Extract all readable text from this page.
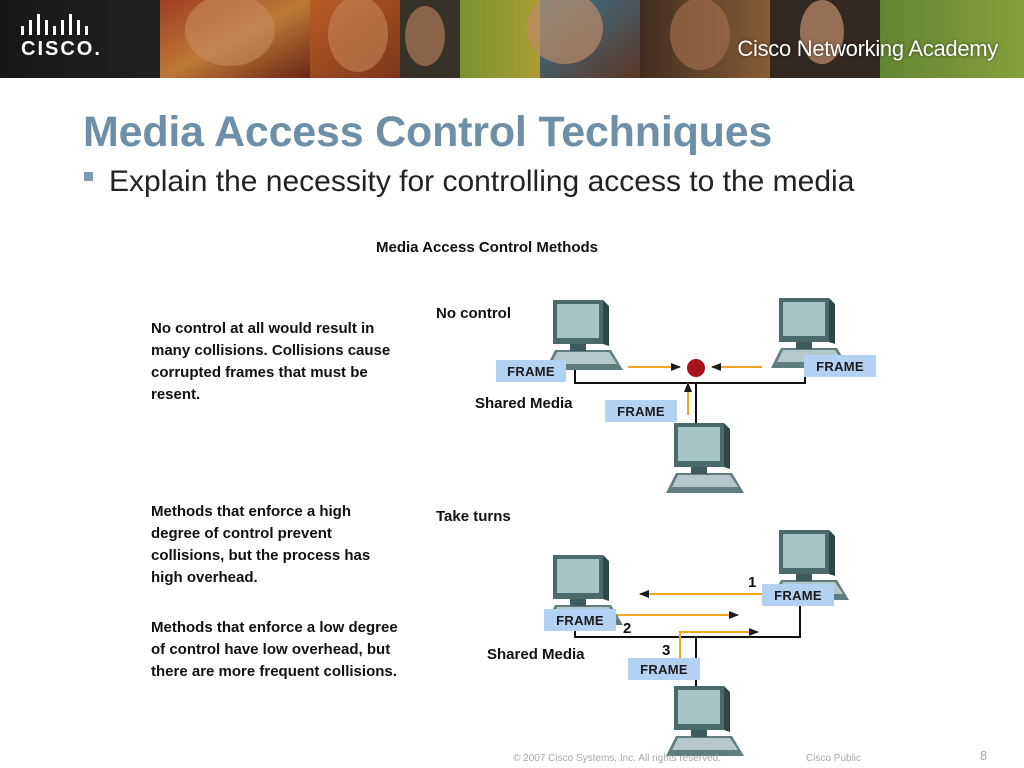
CISCO.	Cisco Networking Academy
Media Access Control Techniques
Explain the necessity for controlling access to the media
Media Access Control Methods
No control at all would result in many collisions. Collisions cause corrupted frames that must be resent.
Methods that enforce a high degree of control prevent collisions, but the process has high overhead.
Methods that enforce a low degree of control have low overhead, but there are more frequent collisions.
No control
Shared Media
FRAME	FRAME
FRAME
Take turns
Shared Media
FRAME
FRAME
FRAME
1
2
3
© 2007 Cisco Systems, Inc. All rights reserved.	Cisco Public	8
